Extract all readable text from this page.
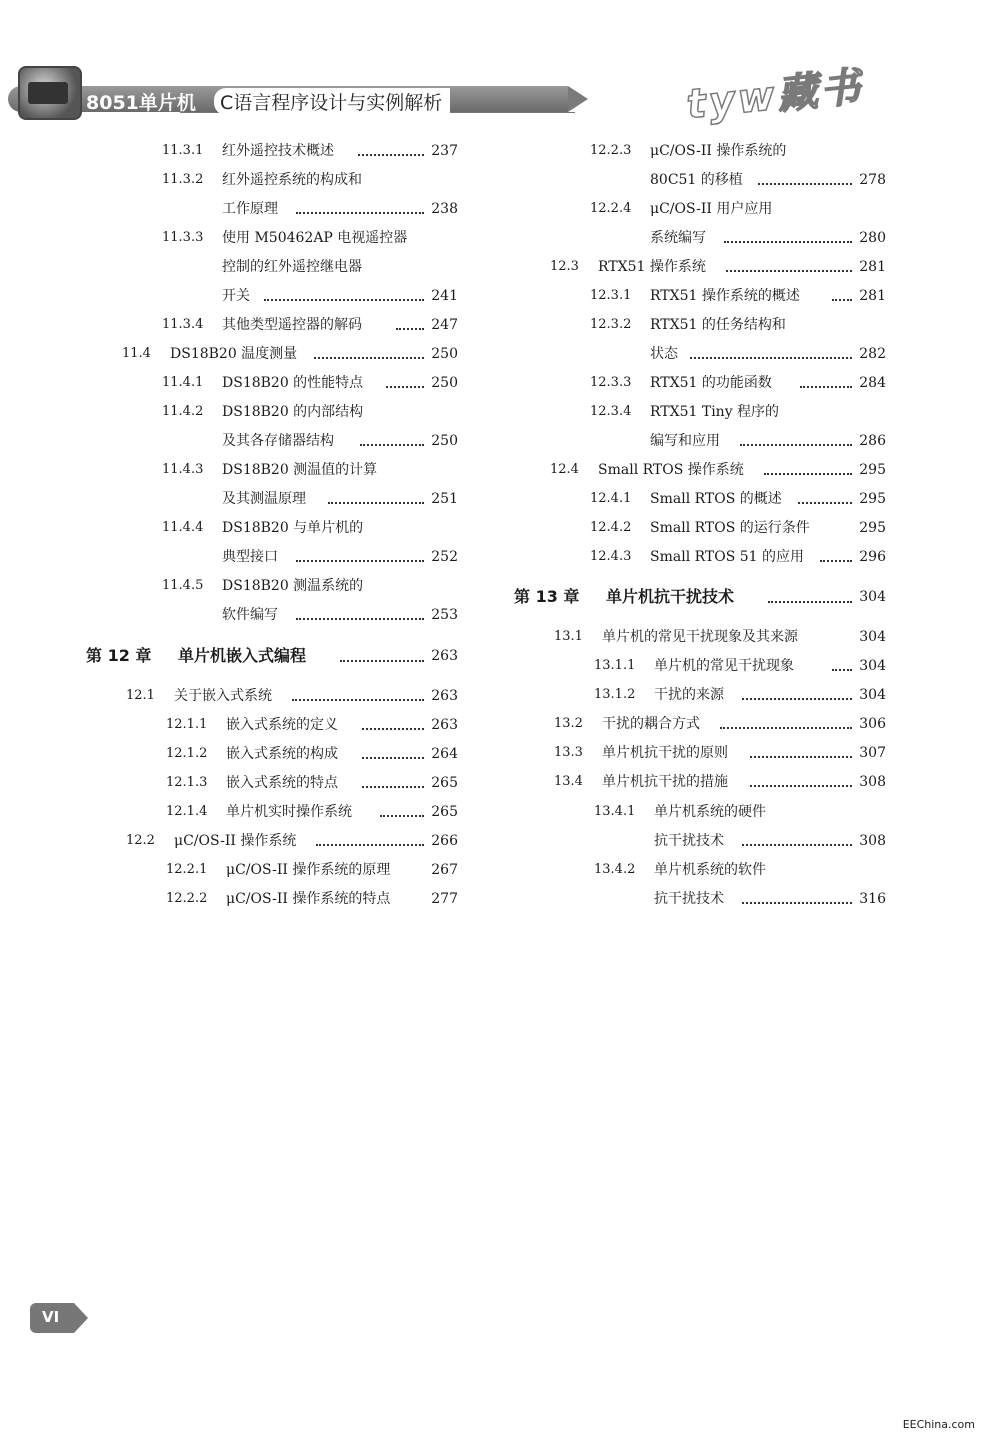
8051单片机	C语言程序设计与实例解析	tyw藏书
11.3.1 红外遥控技术概述	237
11.3.2 红外遥控系统的构成和
工作原理	238
11.3.3 使用 M50462AP 电视遥控器
控制的红外遥控继电器
开关	241
11.3.4 其他类型遥控器的解码	247
11.4 DS18B20 温度测量	250
11.4.1 DS18B20 的性能特点	250
11.4.2 DS18B20 的内部结构
及其各存储器结构	250
11.4.3 DS18B20 测温值的计算
及其测温原理	251
11.4.4 DS18B20 与单片机的
典型接口	252
11.4.5 DS18B20 测温系统的
软件编写	253
第 12 章 单片机嵌入式编程	263
12.1 关于嵌入式系统	263
12.1.1 嵌入式系统的定义	263
12.1.2 嵌入式系统的构成	264
12.1.3 嵌入式系统的特点	265
12.1.4 单片机实时操作系统	265
12.2 μC/OS-II 操作系统	266
12.2.1 μC/OS-II 操作系统的原理	267
12.2.2 μC/OS-II 操作系统的特点	277
12.2.3 μC/OS-II 操作系统的
80C51 的移植	278
12.2.4 μC/OS-II 用户应用
系统编写	280
12.3 RTX51 操作系统	281
12.3.1 RTX51 操作系统的概述	281
12.3.2 RTX51 的任务结构和
状态	282
12.3.3 RTX51 的功能函数	284
12.3.4 RTX51 Tiny 程序的
编写和应用	286
12.4 Small RTOS 操作系统	295
12.4.1 Small RTOS 的概述	295
12.4.2 Small RTOS 的运行条件	295
12.4.3 Small RTOS 51 的应用	296
第 13 章 单片机抗干扰技术	304
13.1 单片机的常见干扰现象及其来源	304
13.1.1 单片机的常见干扰现象	304
13.1.2 干扰的来源	304
13.2 干扰的耦合方式	306
13.3 单片机抗干扰的原则	307
13.4 单片机抗干扰的措施	308
13.4.1 单片机系统的硬件
抗干扰技术	308
13.4.2 单片机系统的软件
抗干扰技术	316
VI
EEChina.com
